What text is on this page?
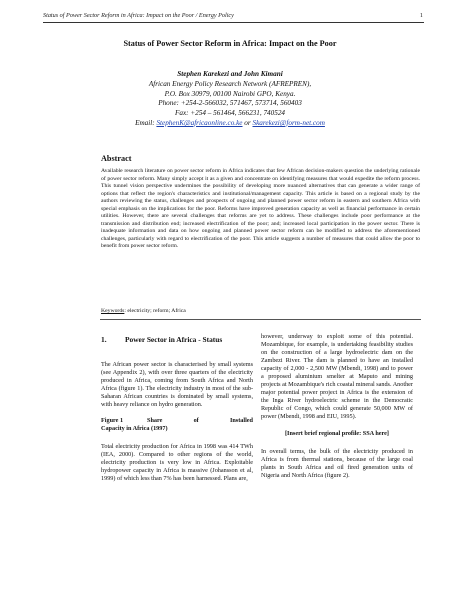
Status of Power Sector Reform in Africa: Impact on the Poor / Energy Policy	1
Status of Power Sector Reform in Africa: Impact on the Poor
Stephen Karekezi and John Kimani
African Energy Policy Research Network (AFREPREN),
P.O. Box 30979, 00100 Nairobi GPO, Kenya.
Phone: +254-2-566032, 571467, 573714, 560403
Fax: +254 – 561464, 566231, 740524
Email: StephenK@africaonline.co.ke or Skarekezi@form-net.com
Abstract
Available research literature on power sector reform in Africa indicates that few African decision-makers question the underlying rationale of power sector reform. Many simply accept it as a given and concentrate on identifying measures that would expedite the reform process. This tunnel vision perspective undermines the possibility of developing more nuanced alternatives that can generate a wider range of options that reflect the region's characteristics and institutional/management capacity. This article is based on a regional study by the authors reviewing the status, challenges and prospects of ongoing and planned power sector reform in eastern and southern Africa with special emphasis on the implications for the poor. Reforms have improved generation capacity as well as financial performance in certain utilities. However, there are several challenges that reforms are yet to address. These challenges include poor performance at the transmission and distribution end; increased electrification of the poor; and; increased local participation in the power sector. There is inadequate information and data on how ongoing and planned power sector reform can be modified to address the aforementioned challenges, particularly with regard to electrification of the poor. This article suggests a number of measures that could allow the poor to benefit from power sector reform.
Keywords: electricity; reform; Africa
1.	Power Sector in Africa - Status

The African power sector is characterised by small systems (see Appendix 2), with over three quarters of the electricity produced in Africa, coming from South Africa and North Africa (figure 1). The electricity industry in most of the sub-Saharan African countries is dominated by small systems, with heavy reliance on hydro generation.

Figure 1	Share of Installed
Capacity in Africa (1997)

Total electricity production for Africa in 1998 was 414 TWh (IEA, 2000). Compared to other regions of the world, electricity production is very low in Africa. Exploitable hydropower capacity in Africa is massive (Johansson et al, 1999) of which less than 7% has been harnessed. Plans are,

however, underway to exploit some of this potential. Mozambique, for example, is undertaking feasibility studies on the construction of a large hydroelectric dam on the Zambezi River. The dam is planned to have an installed capacity of 2,000 - 2,500 MW (Mbendi, 1998) and to power a proposed aluminium smelter at Maputo and mining projects at Mozambique's rich coastal mineral sands. Another major potential power project in Africa is the extension of the Inga River hydroelectric scheme in the Democratic Republic of Congo, which could generate 50,000 MW of power (Mbendi, 1998 and EIU, 1995).

[Insert brief regional profile: SSA here]

In overall terms, the bulk of the electricity produced in Africa is from thermal stations, because of the large coal plants in South Africa and oil fired generation units of Nigeria and North Africa (figure 2).
